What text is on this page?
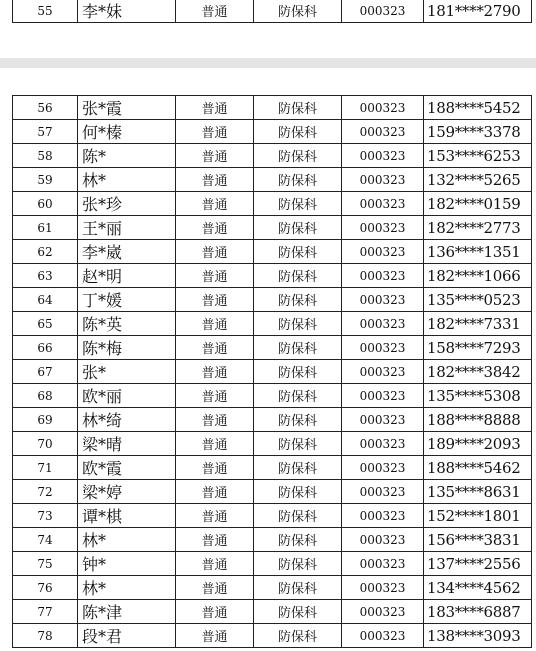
55	李*妹	普通	防保科	000323	181****2790
56	张*霞	普通	防保科	000323	188****5452
57	何*榛	普通	防保科	000323	159****3378
58	陈*	普通	防保科	000323	153****6253
59	林*	普通	防保科	000323	132****5265
60	张*珍	普通	防保科	000323	182****0159
61	王*丽	普通	防保科	000323	182****2773
62	李*崴	普通	防保科	000323	136****1351
63	赵*明	普通	防保科	000323	182****1066
64	丁*媛	普通	防保科	000323	135****0523
65	陈*英	普通	防保科	000323	182****7331
66	陈*梅	普通	防保科	000323	158****7293
67	张*	普通	防保科	000323	182****3842
68	欧*丽	普通	防保科	000323	135****5308
69	林*绮	普通	防保科	000323	188****8888
70	梁*晴	普通	防保科	000323	189****2093
71	欧*霞	普通	防保科	000323	188****5462
72	梁*婷	普通	防保科	000323	135****8631
73	谭*棋	普通	防保科	000323	152****1801
74	林*	普通	防保科	000323	156****3831
75	钟*	普通	防保科	000323	137****2556
76	林*	普通	防保科	000323	134****4562
77	陈*津	普通	防保科	000323	183****6887
78	段*君	普通	防保科	000323	138****3093
